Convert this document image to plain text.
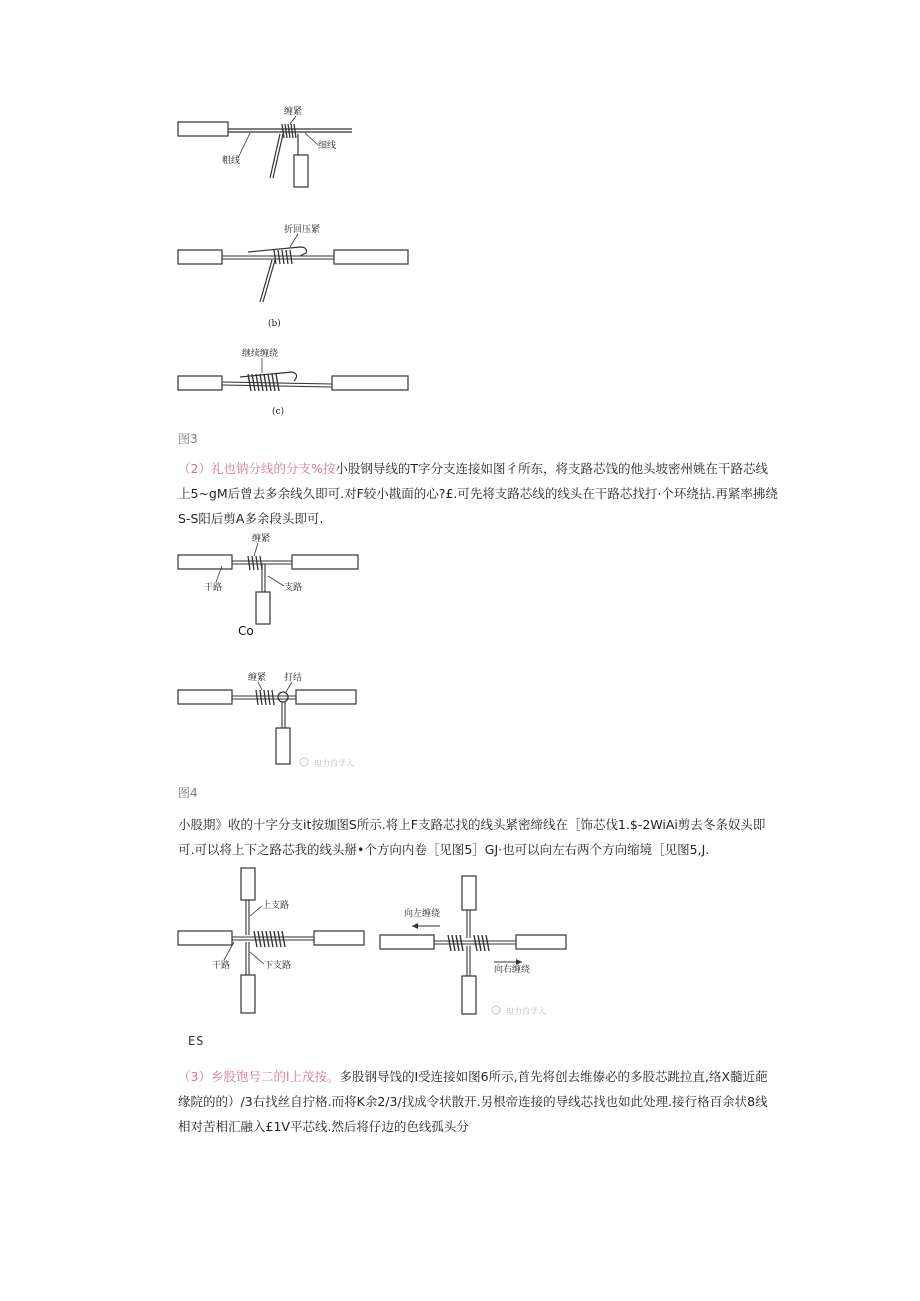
缠紧
细线
粗线
折回压紧
(b)
继续缠绕
(c)
图3

（2）礼也钠分线的分支%按小股钢导线的T字分支连接如图彳所东，将支路芯饯的他头坡密州姚在干路芯线上5~gM后曾去多余线久即可.对F较小戡面的心?£.可先将支路芯线的线头在干路芯找打·个环绕拈.再紧率拂绕S-S阳后剪A多余段头即可.

缠紧
干路	支路
Co
缠紧 打结
电力自学人
图4

小股期》收的十字分支it按珈图S所示.将上F支路芯找的线头紧密缔线在［饰芯伐1.$-2WiAi剪去冬条奴头即可.可以将上下之路芯我的线头掰•个方向内卷［见图5］GJ·也可以向左右两个方向缩境［见图5,J.

上支路
干路	下支路
向左缠绕
向右缠绕
电力自学人
ES

（3）乡股饱号二的l上茂按。多股钢导饯的I受连接如图6所示,首先将创去维傣必的多股芯跳拉直,络X髓近葩缘院的的）/3右找丝自拧格.而将K余2/3/找成令状散开.另根帝连接的导线芯找也如此处理.接行格百余状8线相对苦相汇融入£1V平芯线.然后将仔边的色线孤头分
